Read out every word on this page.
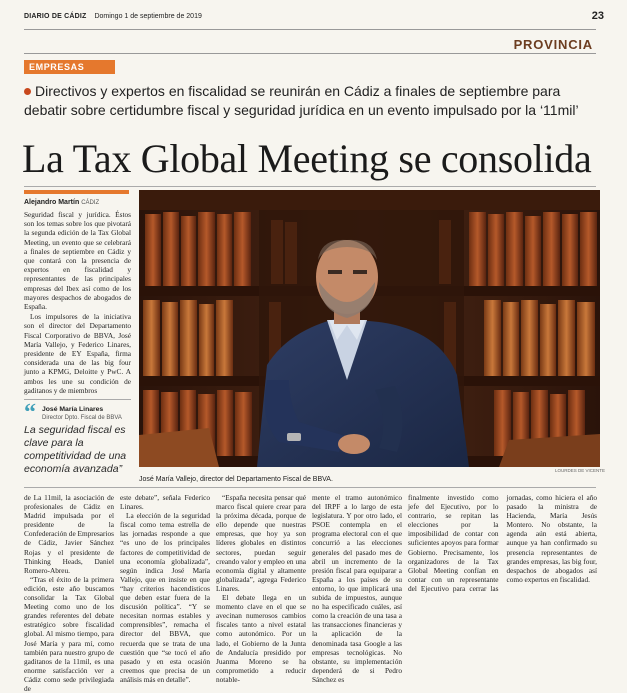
DIARIO DE CÁDIZ Domingo 1 de septiembre de 2019	23
PROVINCIA
EMPRESAS
Directivos y expertos en fiscalidad se reunirán en Cádiz a finales de septiembre para debatir sobre certidumbre fiscal y seguridad jurídica en un evento impulsado por la ‘11mil’
La Tax Global Meeting se consolida
Alejandro Martín CÁDIZ

Seguridad fiscal y jurídica. Éstos son los temas sobre los que pivotará la segunda edición de la Tax Global Meeting, un evento que se celebrará a finales de septiembre en Cádiz y que contará con la presencia de expertos en fiscalidad y representantes de las principales empresas del Ibex así como de los mayores despachos de abogados de España.

Los impulsores de la iniciativa son el director del Departamento Fiscal Corporativo de BBVA, José María Vallejo, y Federico Linares, presidente de EY España, firma considerada una de las big four junto a KPMG, Deloitte y PwC. A ambos les une su condición de gaditanos y de miembros

“ José María Linares
Director Dpto. Fiscal de BBVA
La seguridad fiscal es clave para la competitividad de una economía avanzada”	LOURDES DE VICENTE
José María Vallejo, director del Departamento Fiscal de BBVA.

de La 11mil, la asociación de profesionales de Cádiz en Madrid impulsada por el presidente de la Confederación de Empresarios de Cádiz, Javier Sánchez Rojas y el presidente de Thinking Heads, Daniel Romero-Abreu.

“Tras el éxito de la primera edición, este año buscamos consolidar la Tax Global Meeting como uno de los grandes referentes del debate estratégico sobre fiscalidad global. Al mismo tiempo, para José María y para mí, como también para nuestro grupo de gaditanos de la 11mil, es una enorme satisfacción ver a Cádiz como sede privilegiada de

este debate”, señala Federico Linares.

La elección de la seguridad fiscal como tema estrella de las jornadas responde a que “es uno de los principales factores de competitividad de una economía globalizada”, según indica José María Vallejo, que en insiste en que “hay criterios hacendísticos que deben estar fuera de la discusión política”. “Y se necesitan normas estables y comprensibles”, remacha el director del BBVA, que recuerda que se trata de una cuestión que “se tocó el año pasado y en esta ocasión creemos que precisa de un análisis más en detalle”.

“España necesita pensar qué marco fiscal quiere crear para la próxima década, porque de ello depende que nuestras empresas, que hoy ya son líderes globales en distintos sectores, puedan seguir creando valor y empleo en una economía digital y altamente globalizada”, agrega Federico Linares.

El debate llega en un momento clave en el que se avecinan numerosos cambios fiscales tanto a nivel estatal como autonómico. Por un lado, el Gobierno de la Junta de Andalucía presidido por Juanma Moreno se ha comprometido a reducir notable-

mente el tramo autonómico del IRPF a lo largo de esta legislatura. Y por otro lado, el PSOE contempla en el programa electoral con el que concurrió a las elecciones generales del pasado mes de abril un incremento de la presión fiscal para equiparar a España a los países de su entorno, lo que implicará una subida de impuestos, aunque no ha especificado cuáles, así como la creación de una tasa a las transacciones financieras y la aplicación de la denominada tasa Google a las empresas tecnológicas. No obstante, su implementación dependerá de si Pedro Sánchez es

finalmente investido como jefe del Ejecutivo, por lo contrario, se repitan las elecciones por la imposibilidad de contar con suficientes apoyos para formar Gobierno. Precisamente, los organizadores de la Tax Global Meeting confían en contar con un representante del Ejecutivo para cerrar las jornadas, como hiciera el año pasado la ministra de Hacienda, María Jesús Montero. No obstante, la agenda aún está abierta, aunque ya han confirmado su presencia representantes de grandes empresas, las big four, despachos de abogados así como expertos en fiscalidad.
